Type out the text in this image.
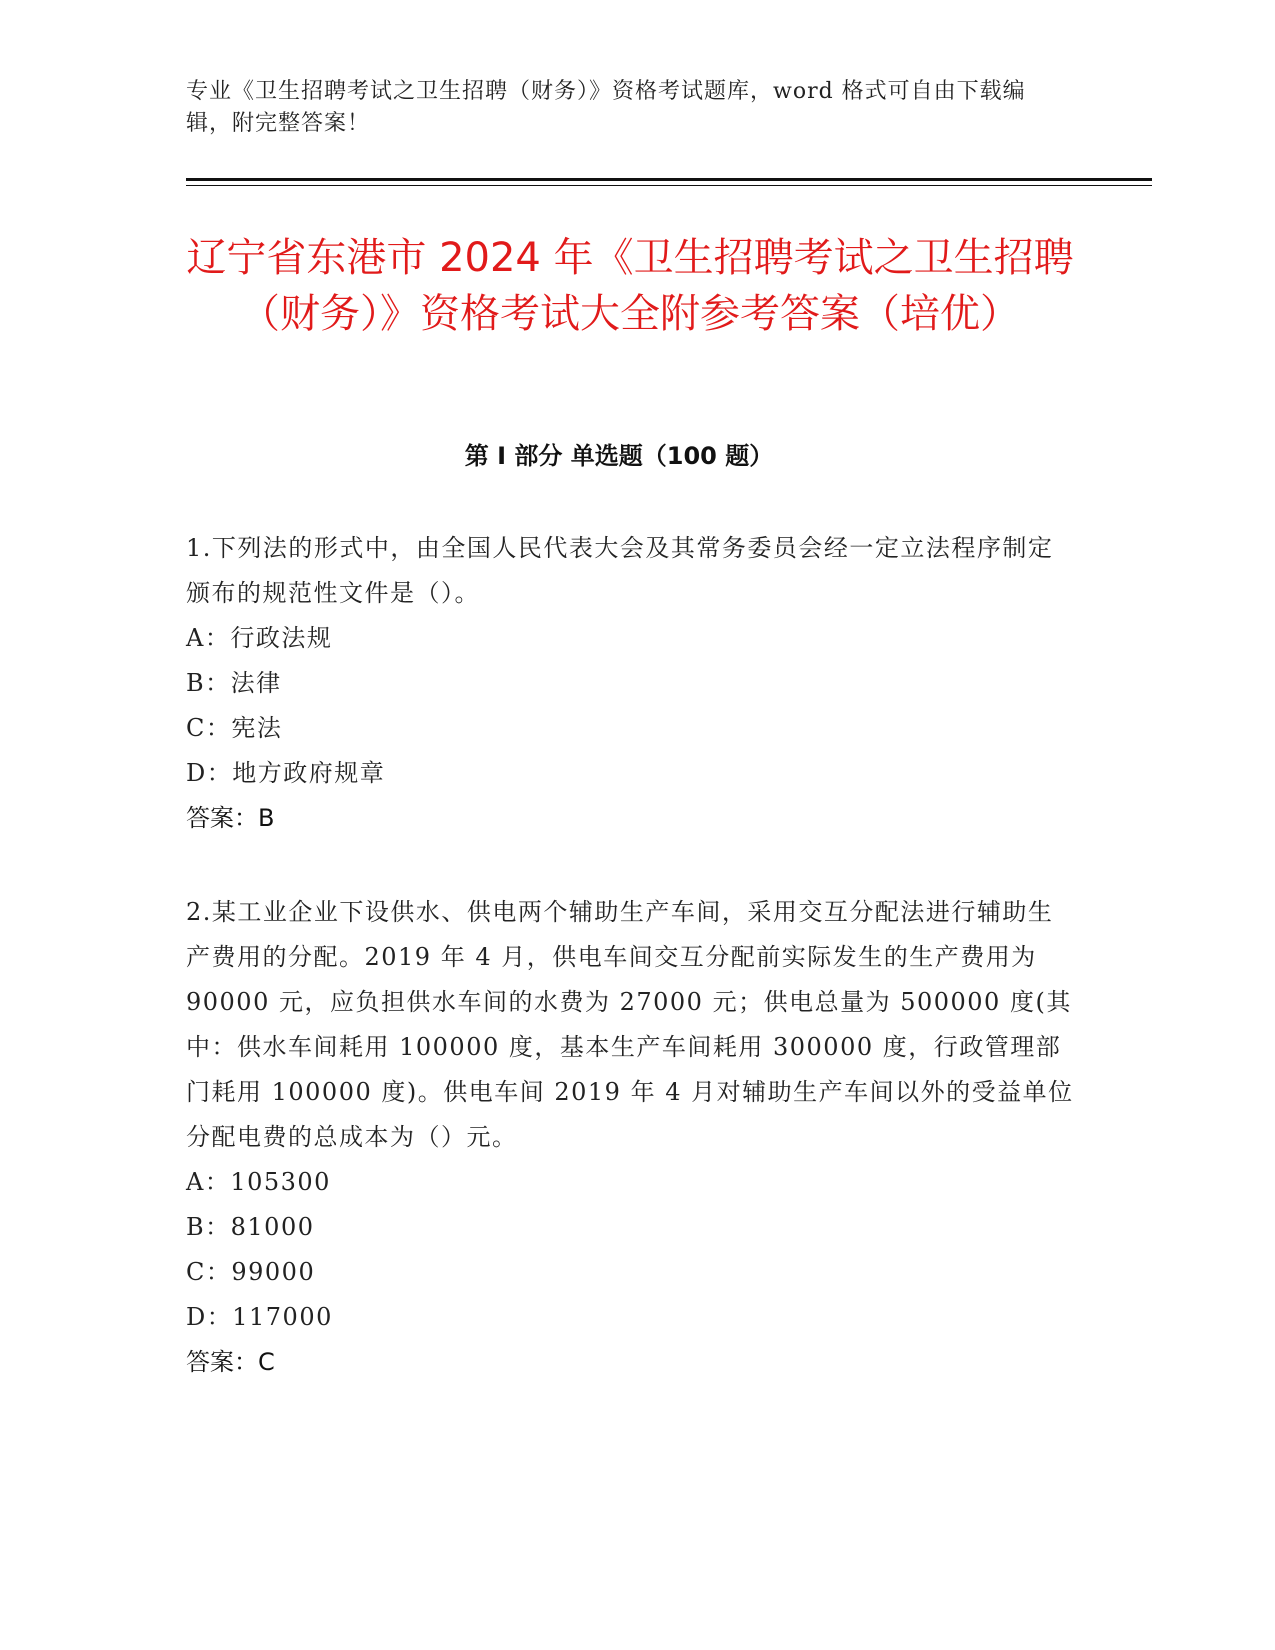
专业《卫生招聘考试之卫生招聘（财务）》资格考试题库，word 格式可自由下载编辑，附完整答案！
辽宁省东港市 2024 年《卫生招聘考试之卫生招聘（财务）》资格考试大全附参考答案（培优）
第 I 部分 单选题（100 题）
1.下列法的形式中，由全国人民代表大会及其常务委员会经一定立法程序制定颁布的规范性文件是（）。
A：行政法规
B：法律
C：宪法
D：地方政府规章
答案：B
2.某工业企业下设供水、供电两个辅助生产车间，采用交互分配法进行辅助生产费用的分配。2019 年 4 月，供电车间交互分配前实际发生的生产费用为 90000 元，应负担供水车间的水费为 27000 元；供电总量为 500000 度(其中：供水车间耗用 100000 度，基本生产车间耗用 300000 度，行政管理部门耗用 100000 度)。供电车间 2019 年 4 月对辅助生产车间以外的受益单位分配电费的总成本为（）元。
A：105300
B：81000
C：99000
D：117000
答案：C
